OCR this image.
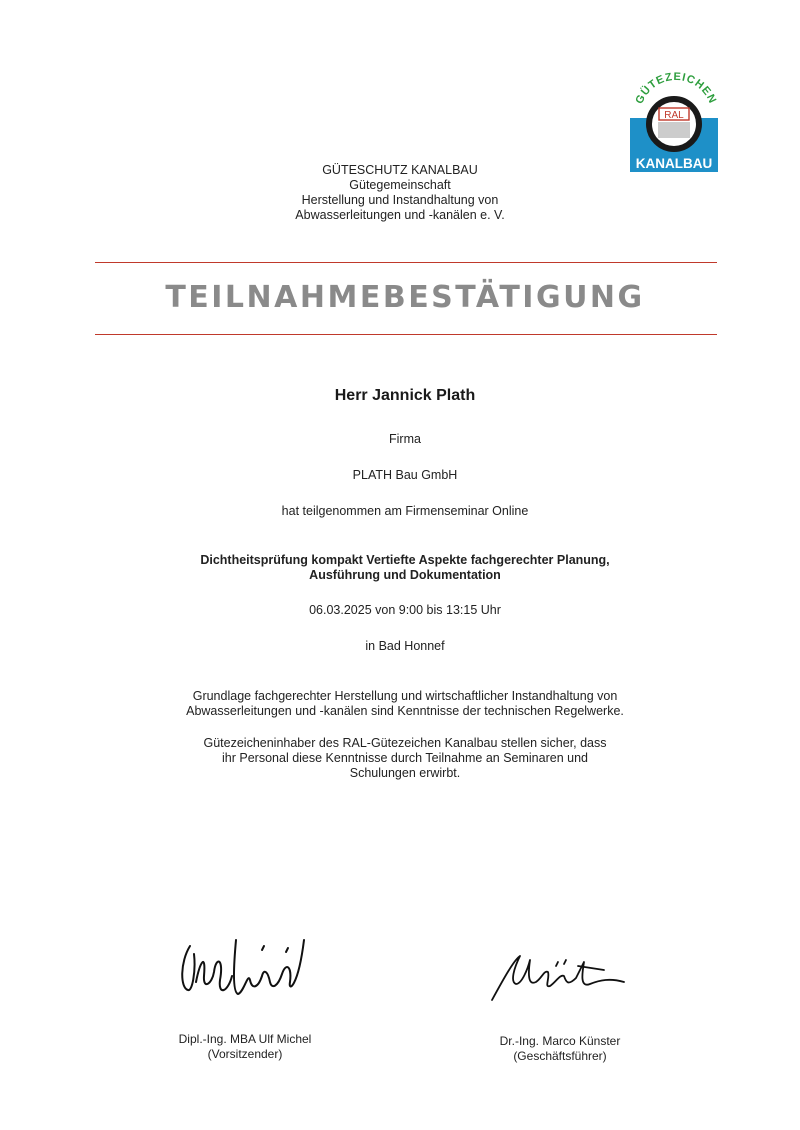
GÜTEZEICHEN
RAL
KANALBAU
GÜTESCHUTZ KANALBAU
Gütegemeinschaft
Herstellung und Instandhaltung von
Abwasserleitungen und -kanälen e. V.
TEILNAHMEBESTÄTIGUNG
Herr Jannick Plath
Firma
PLATH Bau GmbH
hat teilgenommen am Firmenseminar Online
Dichtheitsprüfung kompakt Vertiefte Aspekte fachgerechter Planung,
Ausführung und Dokumentation
06.03.2025 von 9:00 bis 13:15 Uhr
in Bad Honnef
Grundlage fachgerechter Herstellung und wirtschaftlicher Instandhaltung von
Abwasserleitungen und -kanälen sind Kenntnisse der technischen Regelwerke.
Gütezeicheninhaber des RAL-Gütezeichen Kanalbau stellen sicher, dass
ihr Personal diese Kenntnisse durch Teilnahme an Seminaren und
Schulungen erwirbt.
Dipl.-Ing. MBA Ulf Michel
(Vorsitzender)
Dr.-Ing. Marco Künster
(Geschäftsführer)
